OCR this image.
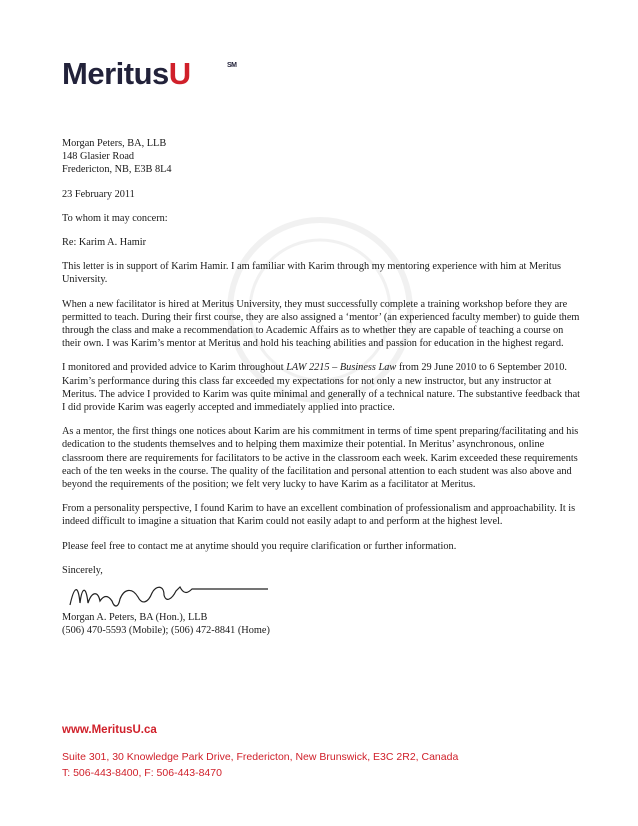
MeritusU	SM

Morgan Peters, BA, LLB

148 Glasier Road

Fredericton, NB, E3B 8L4

23 February 2011

To whom it may concern:

Re: Karim A. Hamir

This letter is in support of Karim Hamir. I am familiar with Karim through my mentoring experience with him at Meritus University.

When a new facilitator is hired at Meritus University, they must successfully complete a training workshop before they are permitted to teach. During their first course, they are also assigned a ‘mentor’ (an experienced faculty member) to guide them through the class and make a recommendation to Academic Affairs as to whether they are capable of teaching a course on their own. I was Karim’s mentor at Meritus and hold his teaching abilities and passion for education in the highest regard.

I monitored and provided advice to Karim throughout LAW 2215 – Business Law from 29 June 2010 to 6 September 2010. Karim’s performance during this class far exceeded my expectations for not only a new instructor, but any instructor at Meritus. The advice I provided to Karim was quite minimal and generally of a technical nature. The substantive feedback that I did provide Karim was eagerly accepted and immediately applied into practice.

As a mentor, the first things one notices about Karim are his commitment in terms of time spent preparing/facilitating and his dedication to the students themselves and to helping them maximize their potential. In Meritus’ asynchronous, online classroom there are requirements for facilitators to be active in the classroom each week. Karim exceeded these requirements each of the ten weeks in the course. The quality of the facilitation and personal attention to each student was also above and beyond the requirements of the position; we felt very lucky to have Karim as a facilitator at Meritus.

From a personality perspective, I found Karim to have an excellent combination of professionalism and approachability. It is indeed difficult to imagine a situation that Karim could not easily adapt to and perform at the highest level.

Please feel free to contact me at anytime should you require clarification or further information.

Sincerely,

Morgan A. Peters, BA (Hon.), LLB

(506) 470-5593 (Mobile); (506) 472-8841 (Home)

www.MeritusU.ca
Suite 301, 30 Knowledge Park Drive, Fredericton, New Brunswick, E3C 2R2, Canada
T: 506-443-8400, F: 506-443-8470
